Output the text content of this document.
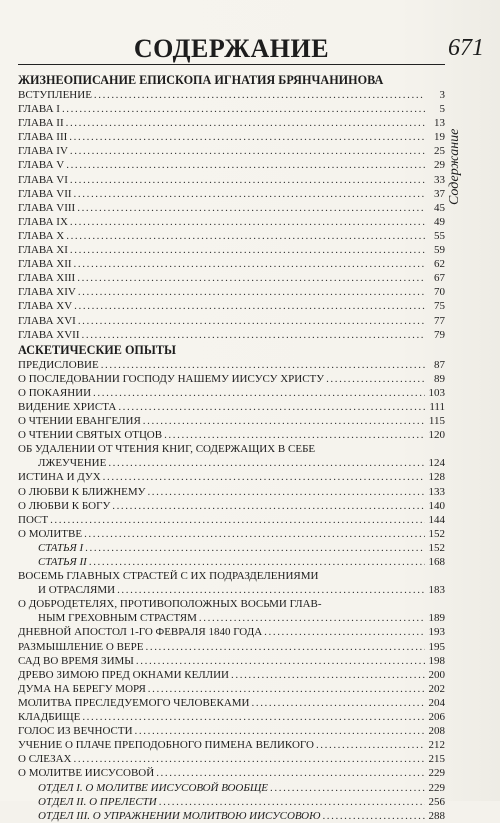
СОДЕРЖАНИЕ	671
Содержание
ЖИЗНЕОПИСАНИЕ ЕПИСКОПА ИГНАТИЯ БРЯНЧАНИНОВА
ВСТУПЛЕНИЕ .....	3
ГЛАВА I .....	5
ГЛАВА II .....	13
ГЛАВА III .....	19
ГЛАВА IV .....	25
ГЛАВА V .....	29
ГЛАВА VI .....	33
ГЛАВА VII .....	37
ГЛАВА VIII .....	45
ГЛАВА IX .....	49
ГЛАВА X .....	55
ГЛАВА XI .....	59
ГЛАВА XII .....	62
ГЛАВА XIII .....	67
ГЛАВА XIV .....	70
ГЛАВА XV .....	75
ГЛАВА XVI .....	77
ГЛАВА XVII .....	79
АСКЕТИЧЕСКИЕ ОПЫТЫ
ПРЕДИСЛОВИЕ .....	87
О ПОСЛЕДОВАНИИ ГОСПОДУ НАШЕМУ ИИСУСУ ХРИСТУ .....	89
О ПОКАЯНИИ .....	103
ВИДЕНИЕ ХРИСТА .....	111
О ЧТЕНИИ ЕВАНГЕЛИЯ .....	115
О ЧТЕНИИ СВЯТЫХ ОТЦОВ .....	120
ОБ УДАЛЕНИИ ОТ ЧТЕНИЯ КНИГ, СОДЕРЖАЩИХ В СЕБЕ
ЛЖЕУЧЕНИЕ .....	124
ИСТИНА И ДУХ .....	128
О ЛЮБВИ К БЛИЖНЕМУ .....	133
О ЛЮБВИ К БОГУ .....	140
ПОСТ .....	144
О МОЛИТВЕ .....	152
СТАТЬЯ I .....	152
СТАТЬЯ II .....	168
ВОСЕМЬ ГЛАВНЫХ СТРАСТЕЙ С ИХ ПОДРАЗДЕЛЕНИЯМИ
И ОТРАСЛЯМИ .....	183
О ДОБРОДЕТЕЛЯХ, ПРОТИВОПОЛОЖНЫХ ВОСЬМИ ГЛАВ-
НЫМ ГРЕХОВНЫМ СТРАСТЯМ .....	189
ДНЕВНОЙ АПОСТОЛ 1-ГО ФЕВРАЛЯ 1840 ГОДА .....	193
РАЗМЫШЛЕНИЕ О ВЕРЕ .....	195
САД ВО ВРЕМЯ ЗИМЫ .....	198
ДРЕВО ЗИМОЮ ПРЕД ОКНАМИ КЕЛЛИИ .....	200
ДУМА НА БЕРЕГУ МОРЯ .....	202
МОЛИТВА ПРЕСЛЕДУЕМОГО ЧЕЛОВЕКАМИ .....	204
КЛАДБИЩЕ .....	206
ГОЛОС ИЗ ВЕЧНОСТИ .....	208
УЧЕНИЕ О ПЛАЧЕ ПРЕПОДОБНОГО ПИМЕНА ВЕЛИКОГО .....	212
О СЛЕЗАХ .....	215
О МОЛИТВЕ ИИСУСОВОЙ .....	229
ОТДЕЛ I. О МОЛИТВЕ ИИСУСОВОЙ ВООБЩЕ .....	229
ОТДЕЛ II. О ПРЕЛЕСТИ .....	256
ОТДЕЛ III. О УПРАЖНЕНИИ МОЛИТВОЮ ИИСУСОВОЮ .....	288
